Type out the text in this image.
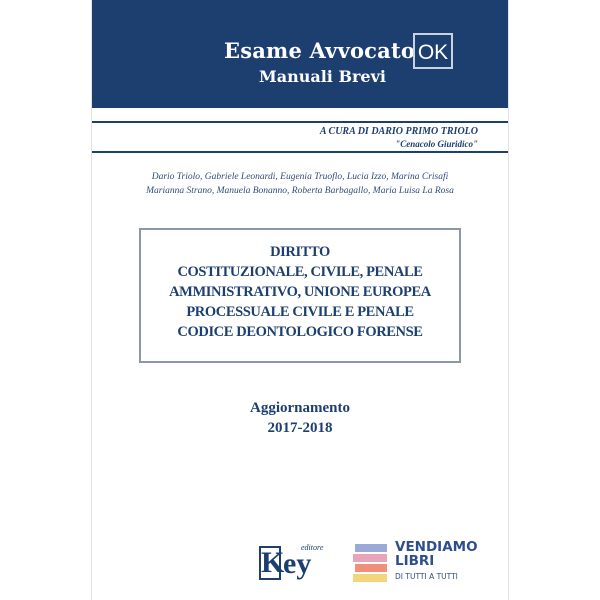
Esame Avvocato OK
Manuali Brevi
A CURA DI DARIO PRIMO TRIOLO
"Cenacolo Giuridico"
Dario Triolo, Gabriele Leonardi, Eugenia Truoflo, Lucia Izzo, Marina Crisafi
Marianna Strano, Manuela Bonanno, Roberta Barbagallo, Maria Luisa La Rosa
DIRITTO
COSTITUZIONALE, CIVILE, PENALE
AMMINISTRATIVO, UNIONE EUROPEA
PROCESSUALE CIVILE E PENALE
CODICE DEONTOLOGICO FORENSE
Aggiornamento
2017-2018
K
ey
editore	VENDIAMO
LIBRI
DI TUTTI A TUTTI
